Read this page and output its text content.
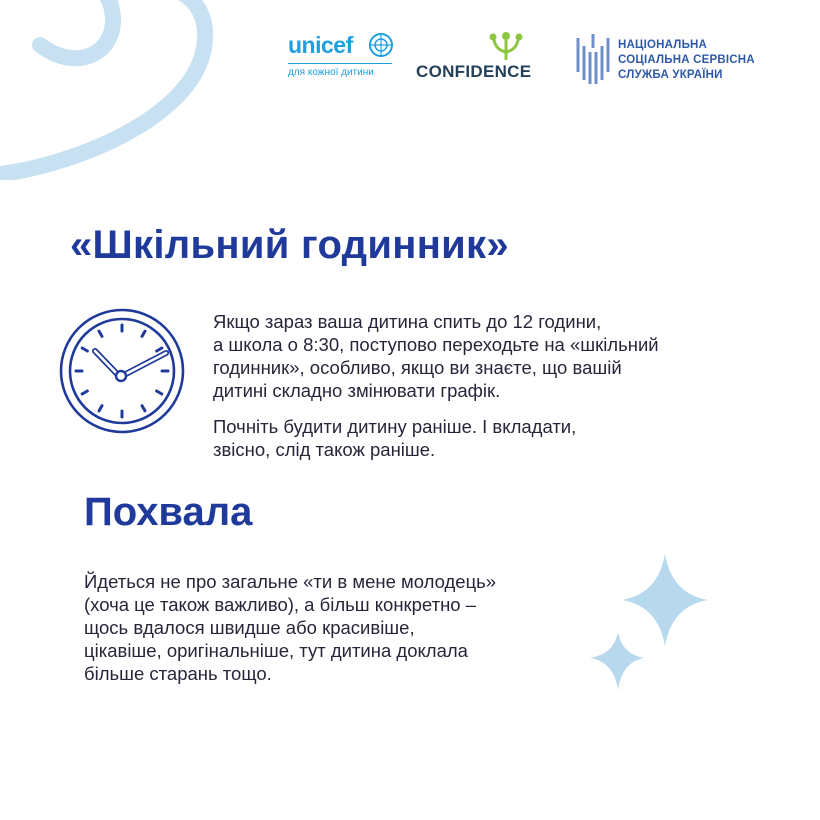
unicef
для кожної дитини	CONFIDENCE
НАЦІОНАЛЬНА
СОЦІАЛЬНА СЕРВІСНА
СЛУЖБА УКРАЇНИ
«Шкільний годинник»
Якщо зараз ваша дитина спить до 12 години,
а школа о 8:30, поступово переходьте на «шкільний
годинник», особливо, якщо ви знаєте, що вашій
дитині складно змінювати графік.
Почніть будити дитину раніше. І вкладати,
звісно, слід також раніше.
Похвала
Йдеться не про загальне «ти в мене молодець»
(хоча це також важливо), а більш конкретно –
щось вдалося швидше або красивіше,
цікавіше, оригінальніше, тут дитина доклала
більше старань тощо.
